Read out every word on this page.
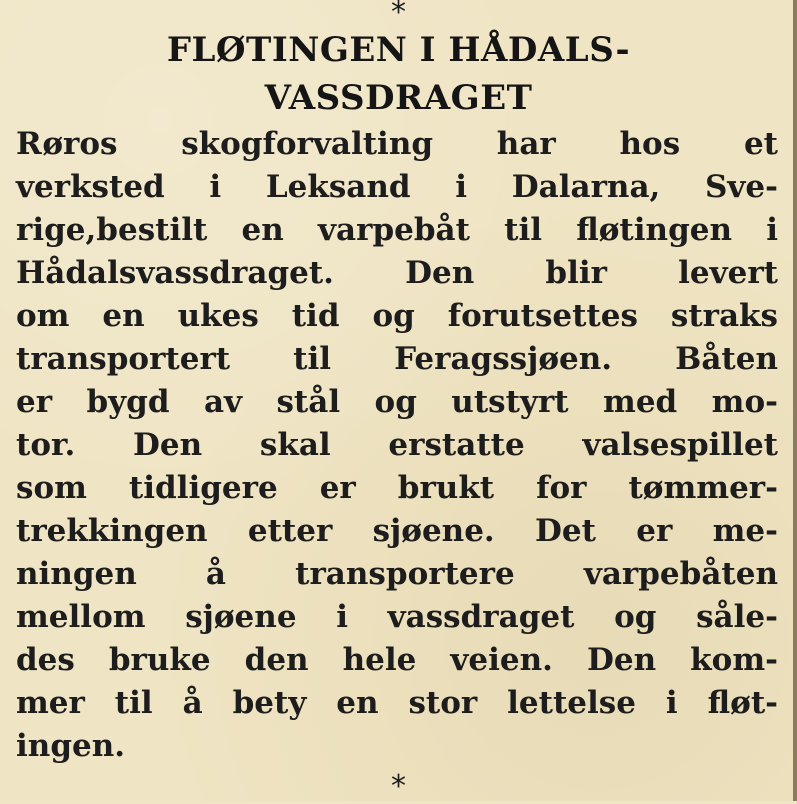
*
FLØTINGEN I HÅDALS-
VASSDRAGET
Røros skogforvalting har hos et
verksted i Leksand i Dalarna, Sve-
rige,bestilt en varpebåt til fløtingen i
Hådalsvassdraget. Den blir levert
om en ukes tid og forutsettes straks
transportert til Feragssjøen. Båten
er bygd av stål og utstyrt med mo-
tor. Den skal erstatte valsespillet
som tidligere er brukt for tømmer-
trekkingen etter sjøene. Det er me-
ningen å transportere varpebåten
mellom sjøene i vassdraget og såle-
des bruke den hele veien. Den kom-
mer til å bety en stor lettelse i fløt-
ingen.
*
